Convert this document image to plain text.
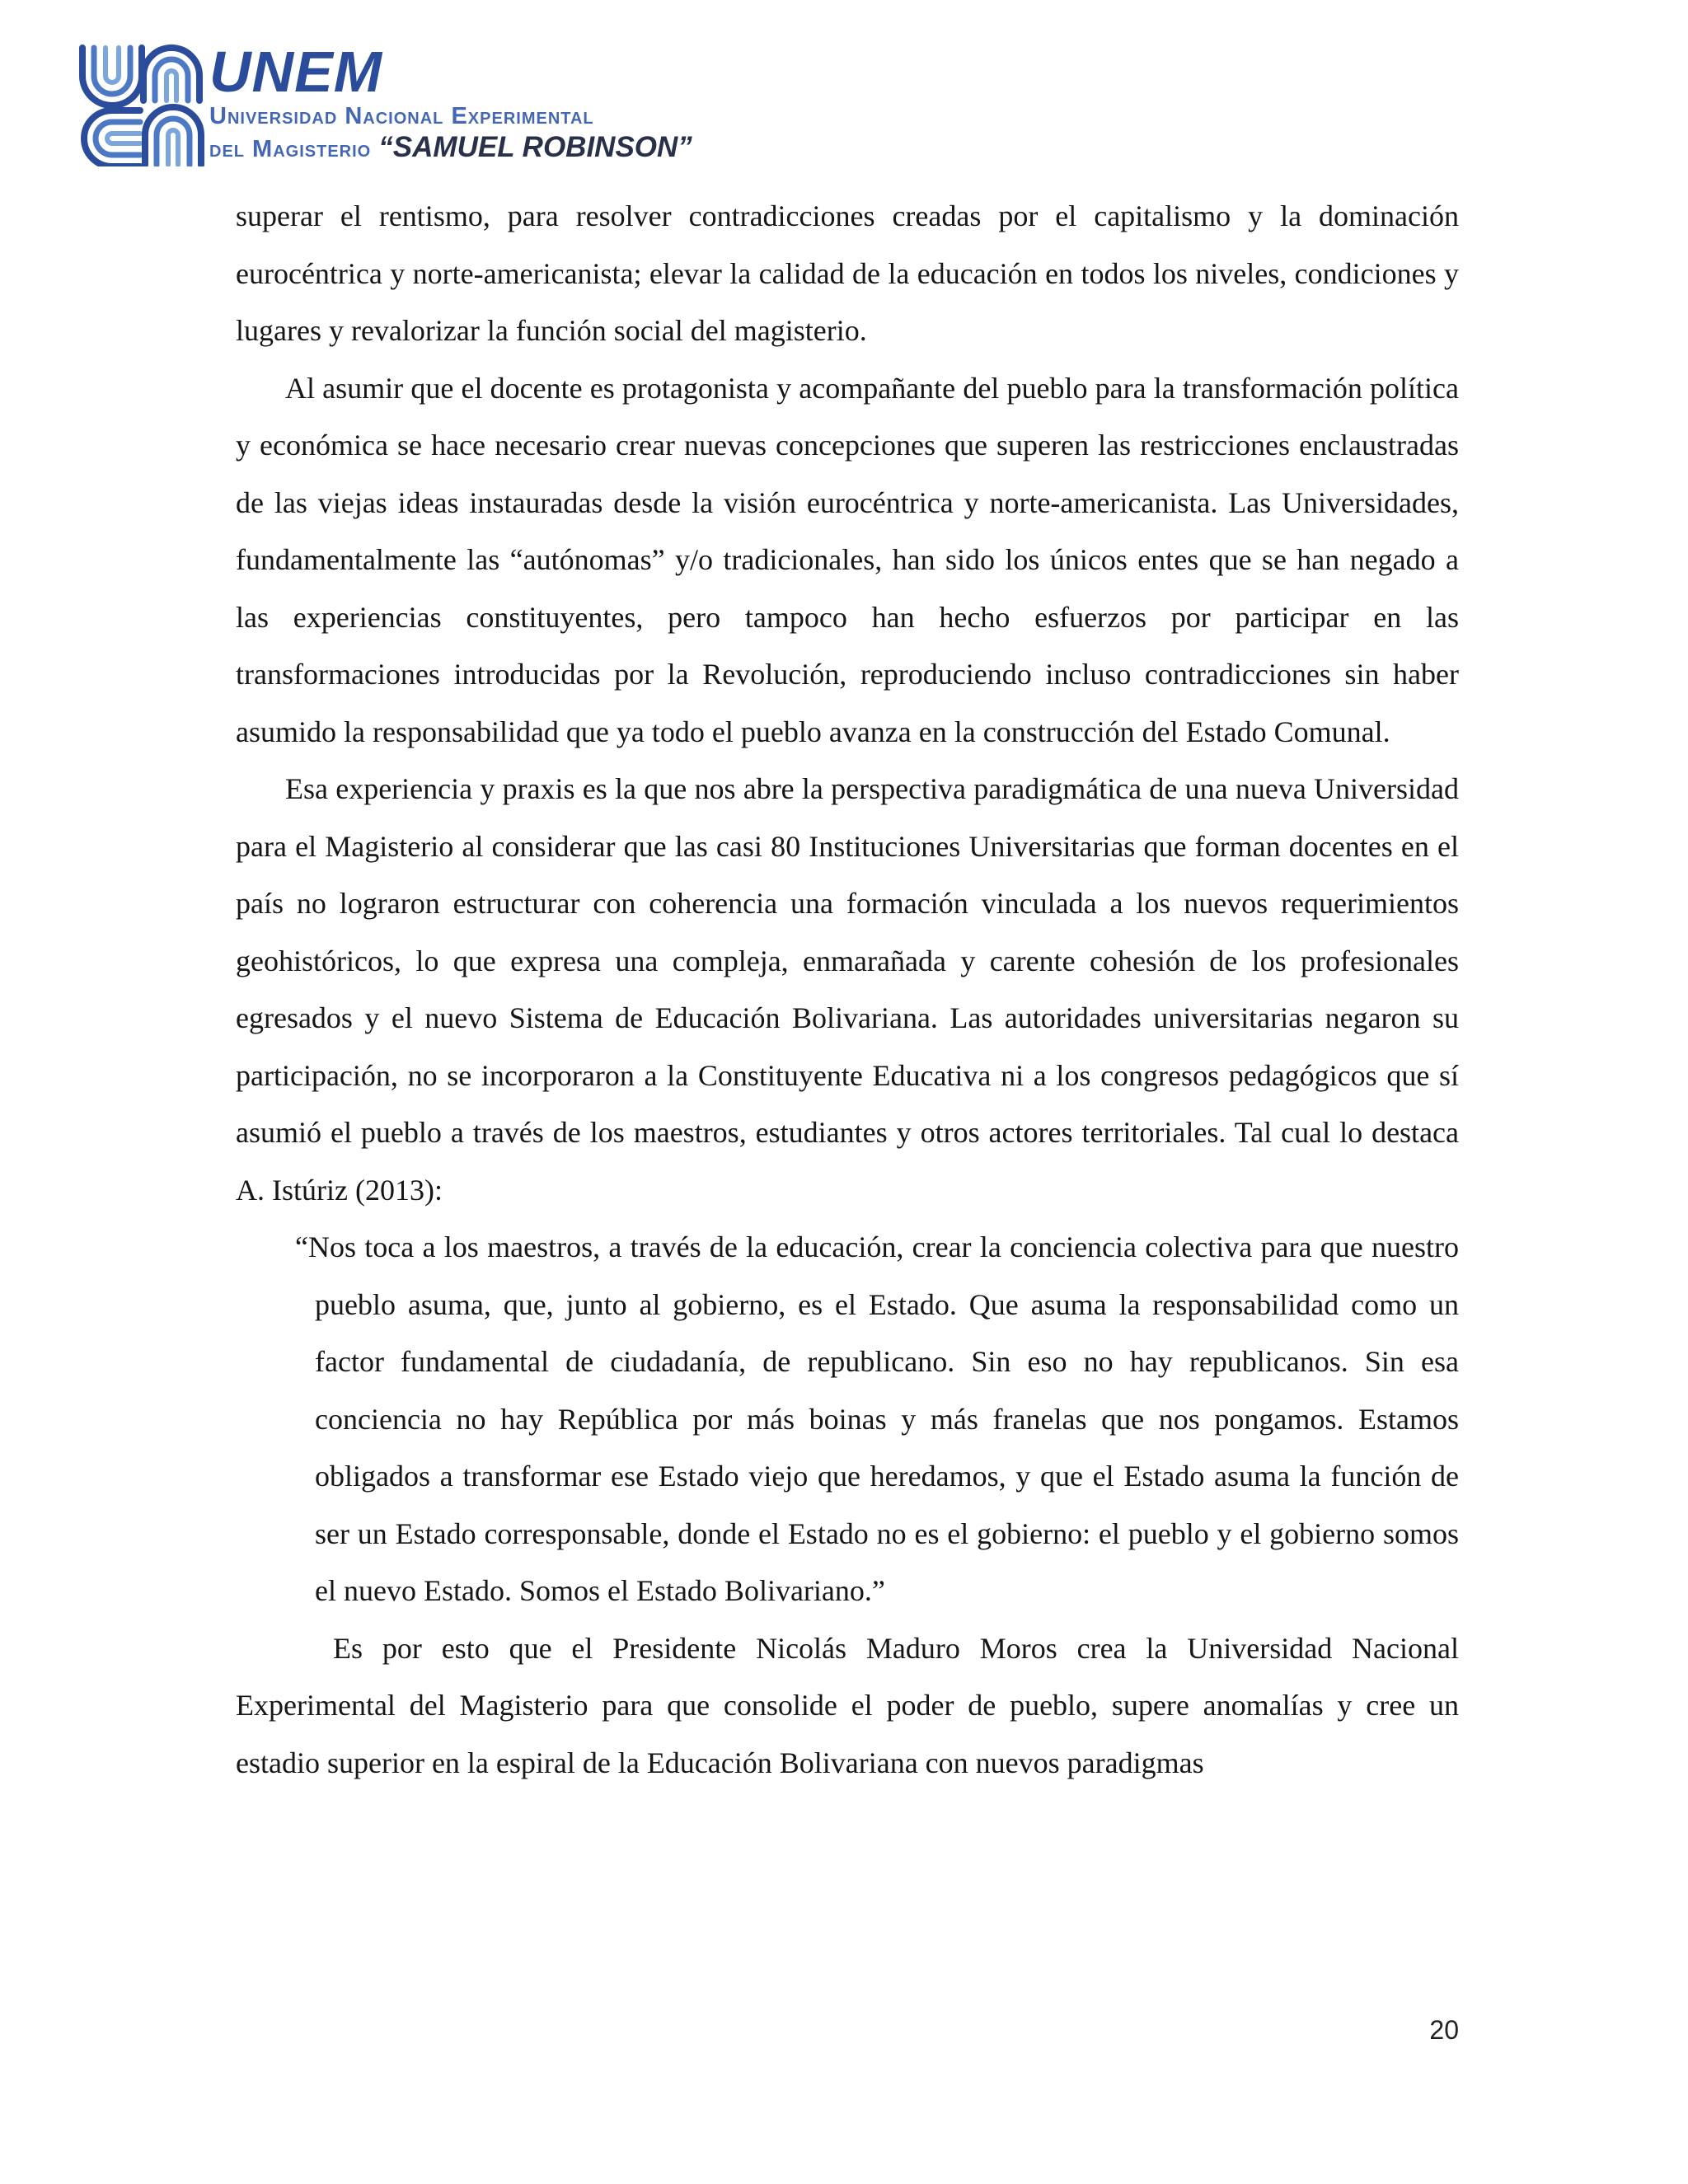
UNEM

Universidad Nacional Experimental

del Magisterio “SAMUEL ROBINSON”

superar el rentismo, para resolver contradicciones creadas por el capitalismo y la dominación eurocéntrica y norte-americanista; elevar la calidad de la educación en todos los niveles, condiciones y lugares y revalorizar la función social del magisterio.

Al asumir que el docente es protagonista y acompañante del pueblo para la transformación política y económica se hace necesario crear nuevas concepciones que superen las restricciones enclaustradas de las viejas ideas instauradas desde la visión eurocéntrica y norte-americanista. Las Universidades, fundamentalmente las “autónomas” y/o tradicionales, han sido los únicos entes que se han negado a las experiencias constituyentes, pero tampoco han hecho esfuerzos por participar en las transformaciones introducidas por la Revolución, reproduciendo incluso contradicciones sin haber asumido la responsabilidad que ya todo el pueblo avanza en la construcción del Estado Comunal.

Esa experiencia y praxis es la que nos abre la perspectiva paradigmática de una nueva Universidad para el Magisterio al considerar que las casi 80 Instituciones Universitarias que forman docentes en el país no lograron estructurar con coherencia una formación vinculada a los nuevos requerimientos geohistóricos, lo que expresa una compleja, enmarañada y carente cohesión de los profesionales egresados y el nuevo Sistema de Educación Bolivariana. Las autoridades universitarias negaron su participación, no se incorporaron a la Constituyente Educativa ni a los congresos pedagógicos que sí asumió el pueblo a través de los maestros, estudiantes y otros actores territoriales. Tal cual lo destaca A. Istúriz (2013):

“Nos toca a los maestros, a través de la educación, crear la conciencia colectiva para que nuestro pueblo asuma, que, junto al gobierno, es el Estado. Que asuma la responsabilidad como un factor fundamental de ciudadanía, de republicano. Sin eso no hay republicanos. Sin esa conciencia no hay República por más boinas y más franelas que nos pongamos. Estamos obligados a transformar ese Estado viejo que heredamos, y que el Estado asuma la función de ser un Estado corresponsable, donde el Estado no es el gobierno: el pueblo y el gobierno somos el nuevo Estado. Somos el Estado Bolivariano.”

Es por esto que el Presidente Nicolás Maduro Moros crea la Universidad Nacional Experimental del Magisterio para que consolide el poder de pueblo, supere anomalías y cree un estadio superior en la espiral de la Educación Bolivariana con nuevos paradigmas

20
